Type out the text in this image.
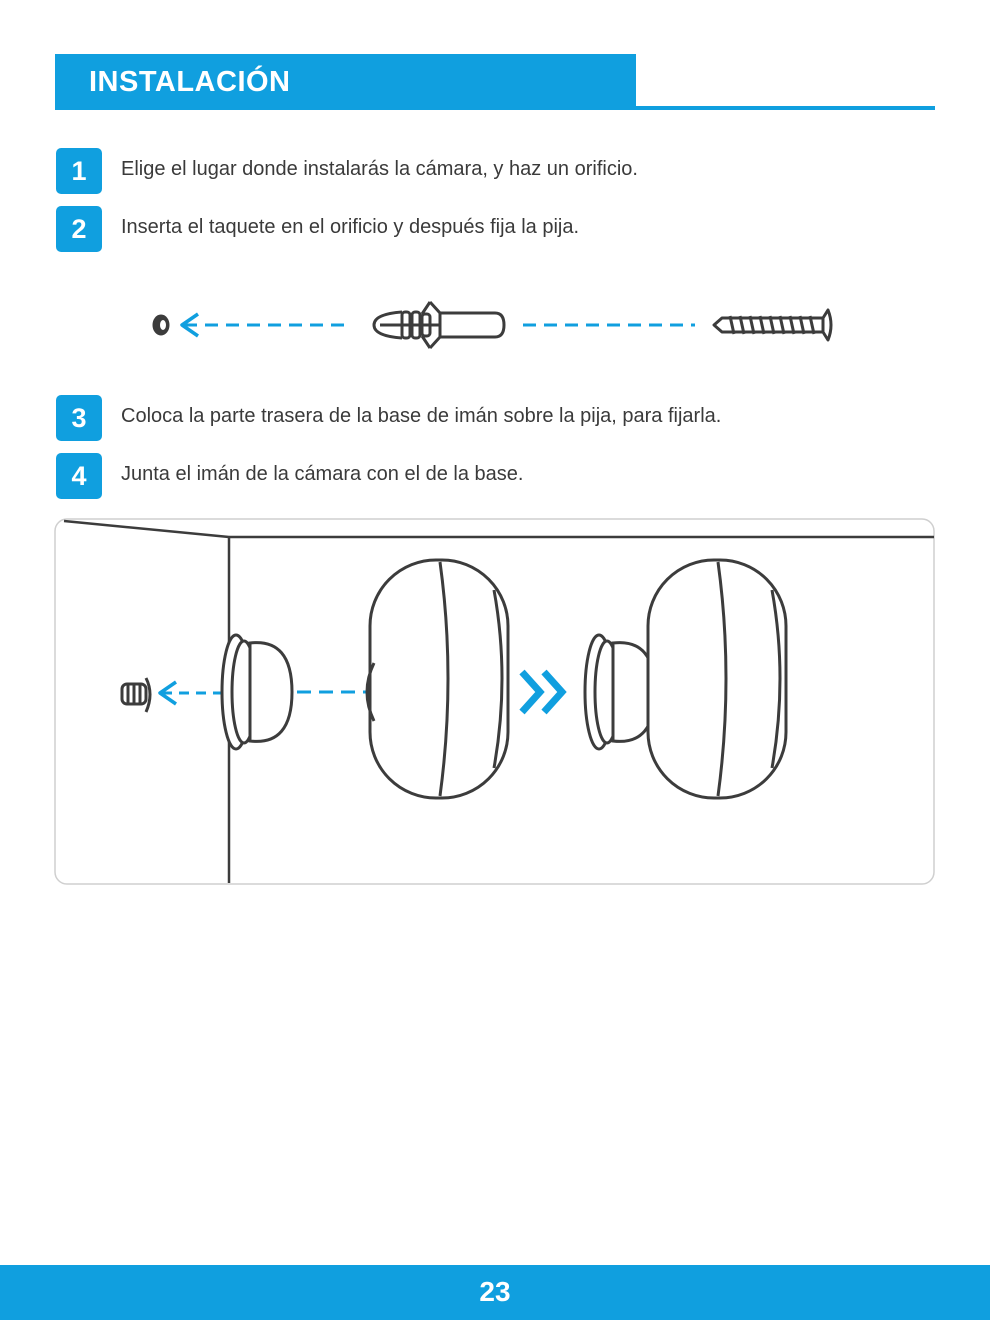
INSTALACIÓN
1	Elige el lugar donde instalarás la cámara, y haz un orificio.
2	Inserta el taquete en el orificio y después fija la pija.
3	Coloca la parte trasera de la base de imán sobre la pija, para fijarla.
4	Junta el imán de la cámara con el de la base.
23
